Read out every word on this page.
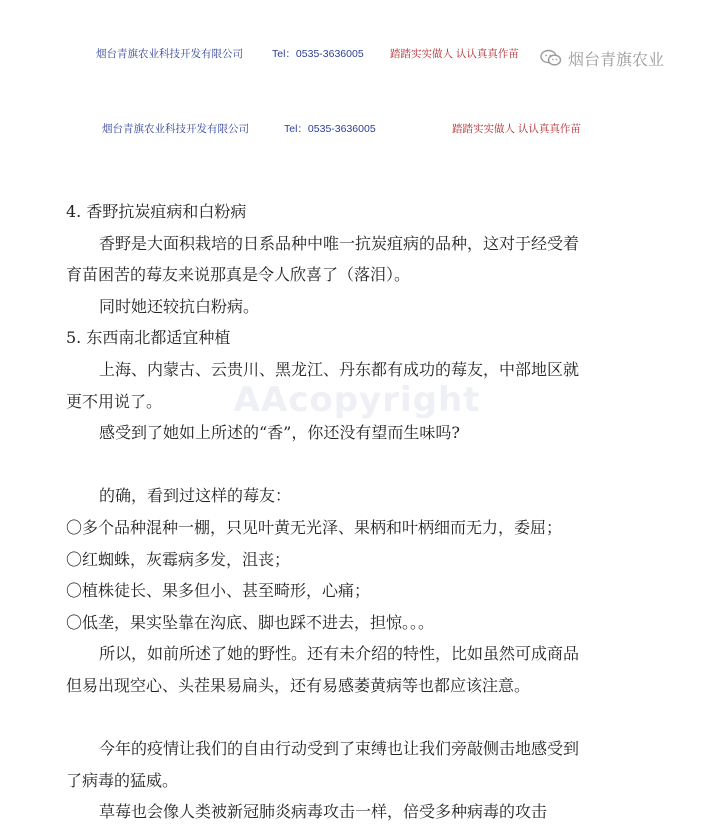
烟台青旗农业科技开发有限公司	Tel：0535-3636005	踏踏实实做人 认认真真作苗	烟台青旗农业
烟台青旗农业科技开发有限公司	Tel：0535-3636005	踏踏实实做人 认认真真作苗
AAcopyright

4. 香野抗炭疽病和白粉病

香野是大面积栽培的日系品种中唯一抗炭疽病的品种，这对于经受着

育苗困苦的莓友来说那真是令人欣喜了（落泪）。

同时她还较抗白粉病。

5. 东西南北都适宜种植

上海、内蒙古、云贵川、黑龙江、丹东都有成功的莓友，中部地区就

更不用说了。

感受到了她如上所述的“香”，你还没有望而生味吗?

的确，看到过这样的莓友：

〇多个品种混种一棚，只见叶黄无光泽、果柄和叶柄细而无力，委屈；

〇红蜘蛛，灰霉病多发，沮丧；

〇植株徒长、果多但小、甚至畸形，心痛；

〇低垄，果实坠靠在沟底、脚也踩不进去，担惊。。。

所以，如前所述了她的野性。还有未介绍的特性，比如虽然可成商品

但易出现空心、头茬果易扁头，还有易感萎黄病等也都应该注意。

今年的疫情让我们的自由行动受到了束缚也让我们旁敲侧击地感受到

了病毒的猛威。

草莓也会像人类被新冠肺炎病毒攻击一样，倍受多种病毒的攻击
